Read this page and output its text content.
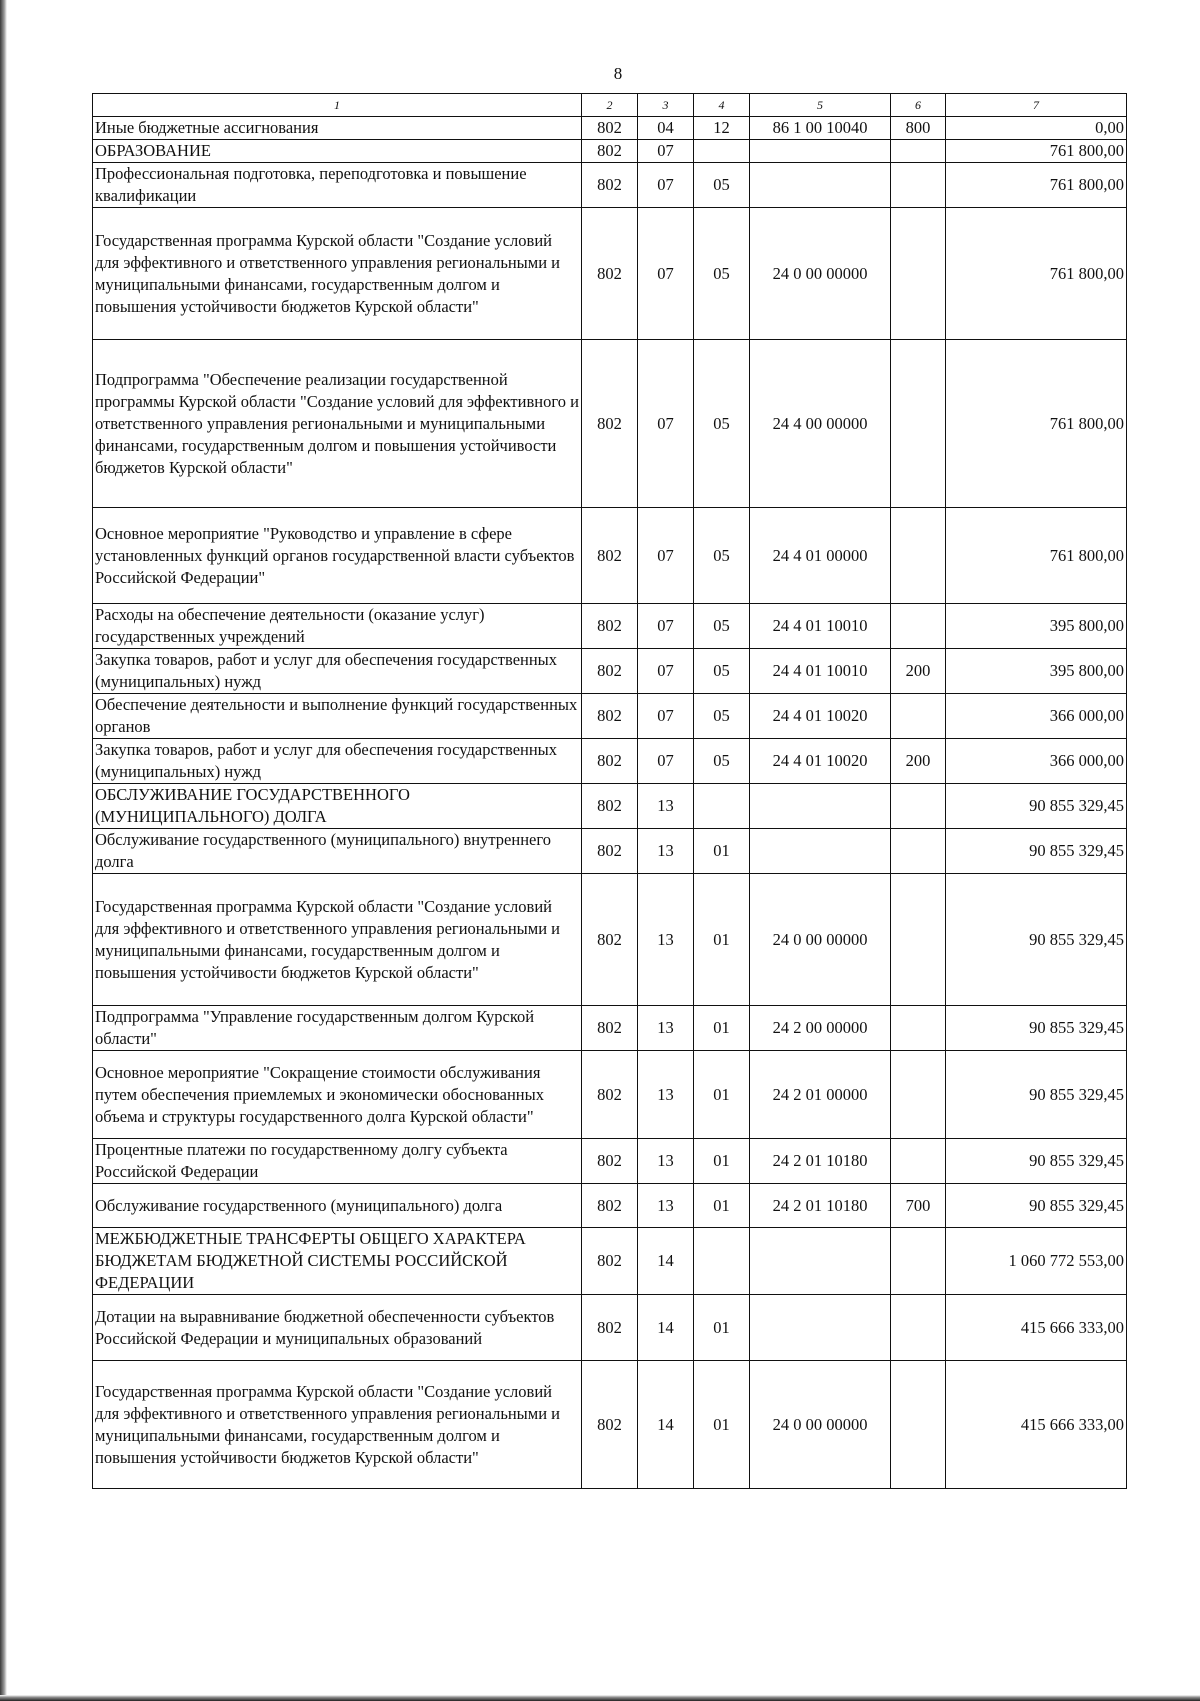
8
1	2	3	4	5	6	7
Иные бюджетные ассигнования	802	04	12	86 1 00 10040	800	0,00
ОБРАЗОВАНИЕ	802	07				761 800,00
Профессиональная подготовка, переподготовка и повышение квалификации	802	07	05			761 800,00
Государственная программа Курской области "Создание условий для эффективного и ответственного управления региональными и муниципальными финансами, государственным долгом и повышения устойчивости бюджетов Курской области"	802	07	05	24 0 00 00000		761 800,00
Подпрограмма "Обеспечение реализации государственной программы Курской области "Создание условий для эффективного и ответственного управления региональными и муниципальными финансами, государственным долгом и повышения устойчивости бюджетов Курской области"	802	07	05	24 4 00 00000		761 800,00
Основное мероприятие "Руководство и управление в сфере установленных функций органов государственной власти субъектов Российской Федерации"	802	07	05	24 4 01 00000		761 800,00
Расходы на обеспечение деятельности (оказание услуг) государственных учреждений	802	07	05	24 4 01 10010		395 800,00
Закупка товаров, работ и услуг для обеспечения государственных (муниципальных) нужд	802	07	05	24 4 01 10010	200	395 800,00
Обеспечение деятельности и выполнение функций государственных органов	802	07	05	24 4 01 10020		366 000,00
Закупка товаров, работ и услуг для обеспечения государственных (муниципальных) нужд	802	07	05	24 4 01 10020	200	366 000,00
ОБСЛУЖИВАНИЕ ГОСУДАРСТВЕННОГО (МУНИЦИПАЛЬНОГО) ДОЛГА	802	13				90 855 329,45
Обслуживание государственного (муниципального) внутреннего долга	802	13	01			90 855 329,45
Государственная программа Курской области "Создание условий для эффективного и ответственного управления региональными и муниципальными финансами, государственным долгом и повышения устойчивости бюджетов Курской области"	802	13	01	24 0 00 00000		90 855 329,45
Подпрограмма "Управление государственным долгом Курской области"	802	13	01	24 2 00 00000		90 855 329,45
Основное мероприятие "Сокращение стоимости обслуживания путем обеспечения приемлемых и экономически обоснованных объема и структуры государственного долга Курской области"	802	13	01	24 2 01 00000		90 855 329,45
Процентные платежи по государственному долгу субъекта Российской Федерации	802	13	01	24 2 01 10180		90 855 329,45
Обслуживание государственного (муниципального) долга	802	13	01	24 2 01 10180	700	90 855 329,45
МЕЖБЮДЖЕТНЫЕ ТРАНСФЕРТЫ ОБЩЕГО ХАРАКТЕРА БЮДЖЕТАМ БЮДЖЕТНОЙ СИСТЕМЫ РОССИЙСКОЙ ФЕДЕРАЦИИ	802	14				1 060 772 553,00
Дотации на выравнивание бюджетной обеспеченности субъектов Российской Федерации и муниципальных образований	802	14	01			415 666 333,00
Государственная программа Курской области "Создание условий для эффективного и ответственного управления региональными и муниципальными финансами, государственным долгом и повышения устойчивости бюджетов Курской области"	802	14	01	24 0 00 00000		415 666 333,00
